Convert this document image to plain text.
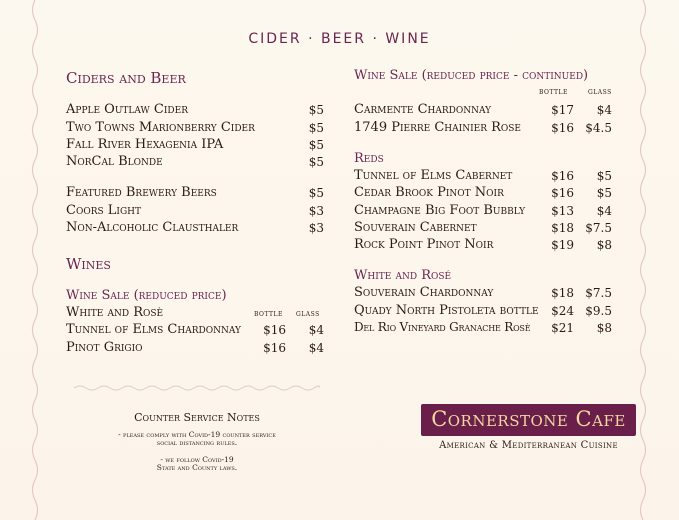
CIDER · BEER · WINE
Ciders and Beer
Apple Outlaw Cider	$5
Two Towns Marionberry Cider	$5
Fall River Hexagenia IPA	$5
NorCal Blonde	$5
Featured Brewery Beers	$5
Coors Light	$3
Non-Alcoholic Clausthaler	$3
Wines
Wine Sale (reduced price)
White and Rosè	bottle glass
Tunnel of Elms Chardonnay $16	$4
Pinot Grigio	$16	$4
Wine Sale (reduced price - continued)
bottle glass
Carmente Chardonnay	$17	$4
1749 Pierre Chainier Rose	$16 $4.5
Reds
Tunnel of Elms Cabernet	$16	$5
Cedar Brook Pinot Noir	$16	$5
Champagne Big Foot Bubbly $13	$4
Souverain Cabernet	$18 $7.5
Rock Point Pinot Noir	$19	$8
White and Rosé
Souverain Chardonnay	$18 $7.5
Quady North Pistoleta bottle $24 $9.5
Del Rio Vineyard Granache Rosè $21	$8
Counter Service Notes
- please comply with Covid-19 counter service
social distancing rules.
- we follow Covid-19
State and County laws.
Cornerstone Cafe
American & Mediterranean Cuisine
